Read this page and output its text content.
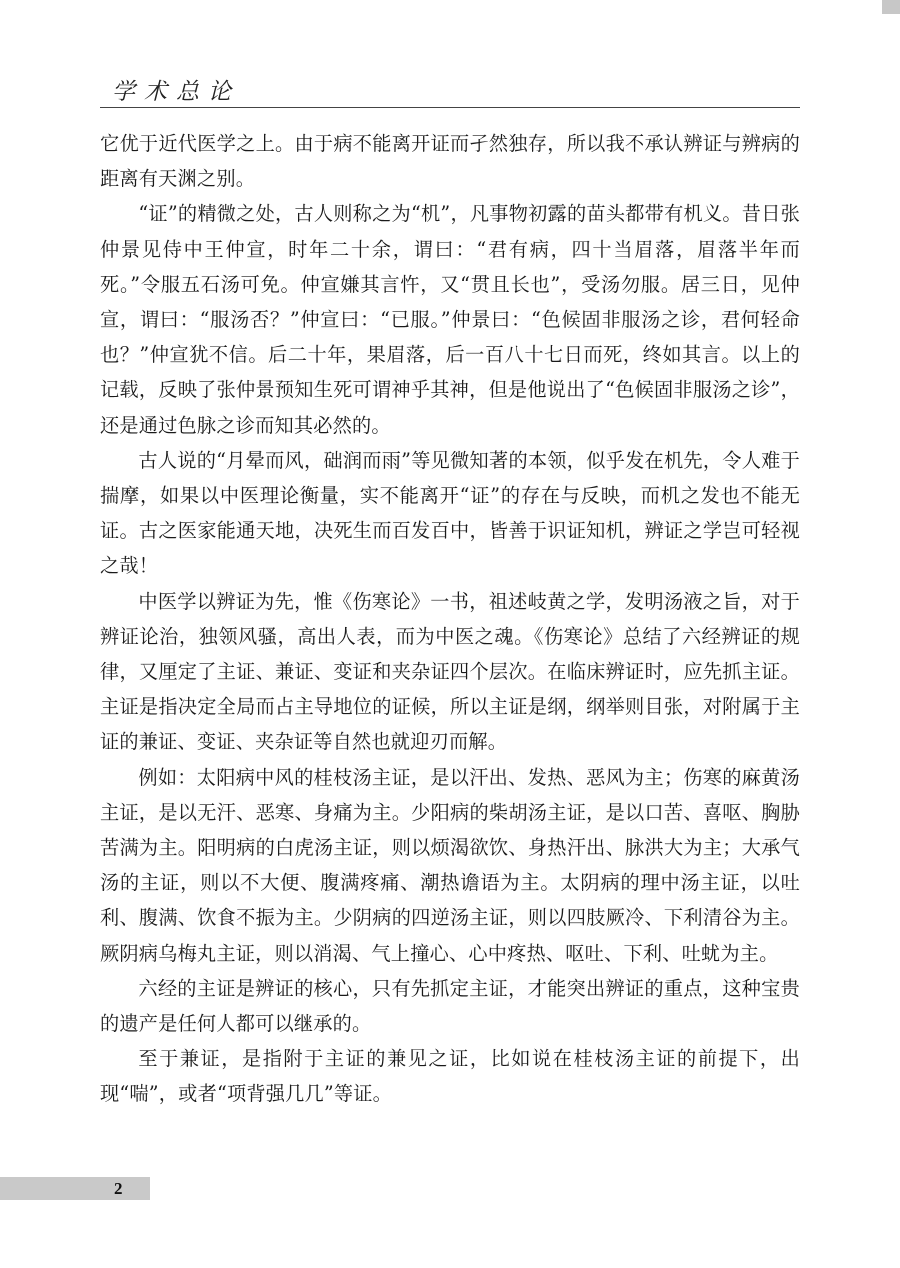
学术总论

它优于近代医学之上。由于病不能离开证而孑然独存，所以我不承认辨证与辨病的距离有天渊之别。

“证”的精微之处，古人则称之为“机”，凡事物初露的苗头都带有机义。昔日张仲景见侍中王仲宣，时年二十余，谓曰：“君有病，四十当眉落，眉落半年而死。”令服五石汤可免。仲宣嫌其言忤，又“贯且长也”，受汤勿服。居三日，见仲宣，谓曰：“服汤否？”仲宣曰：“已服。”仲景曰：“色候固非服汤之诊，君何轻命也？”仲宣犹不信。后二十年，果眉落，后一百八十七日而死，终如其言。以上的记载，反映了张仲景预知生死可谓神乎其神，但是他说出了“色候固非服汤之诊”，还是通过色脉之诊而知其必然的。

古人说的“月晕而风，础润而雨”等见微知著的本领，似乎发在机先，令人难于揣摩，如果以中医理论衡量，实不能离开“证”的存在与反映，而机之发也不能无证。古之医家能通天地，决死生而百发百中，皆善于识证知机，辨证之学岂可轻视之哉！

中医学以辨证为先，惟《伤寒论》一书，祖述岐黄之学，发明汤液之旨，对于辨证论治，独领风骚，高出人表，而为中医之魂。《伤寒论》总结了六经辨证的规律，又厘定了主证、兼证、变证和夹杂证四个层次。在临床辨证时，应先抓主证。主证是指决定全局而占主导地位的证候，所以主证是纲，纲举则目张，对附属于主证的兼证、变证、夹杂证等自然也就迎刃而解。

例如：太阳病中风的桂枝汤主证，是以汗出、发热、恶风为主；伤寒的麻黄汤主证，是以无汗、恶寒、身痛为主。少阳病的柴胡汤主证，是以口苦、喜呕、胸胁苦满为主。阳明病的白虎汤主证，则以烦渴欲饮、身热汗出、脉洪大为主；大承气汤的主证，则以不大便、腹满疼痛、潮热谵语为主。太阴病的理中汤主证，以吐利、腹满、饮食不振为主。少阴病的四逆汤主证，则以四肢厥冷、下利清谷为主。厥阴病乌梅丸主证，则以消渴、气上撞心、心中疼热、呕吐、下利、吐蚘为主。

六经的主证是辨证的核心，只有先抓定主证，才能突出辨证的重点，这种宝贵的遗产是任何人都可以继承的。

至于兼证，是指附于主证的兼见之证，比如说在桂枝汤主证的前提下，出现“喘”，或者“项背强几几”等证。

2
